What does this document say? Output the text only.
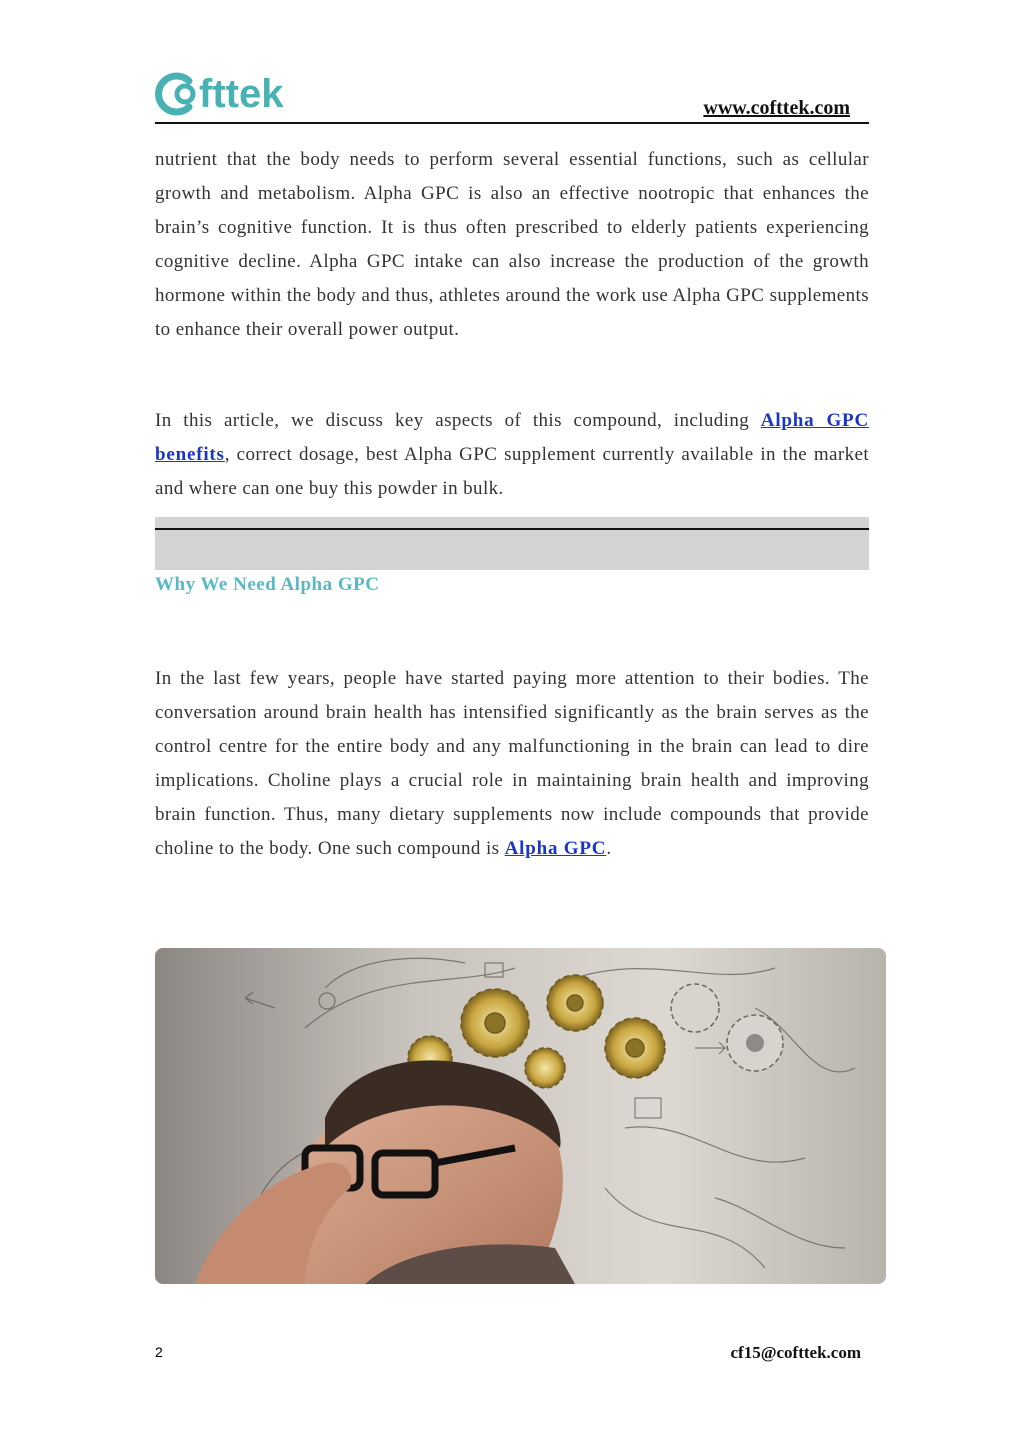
fttek	www.cofttek.com

nutrient that the body needs to perform several essential functions, such as cellular growth and metabolism. Alpha GPC is also an effective nootropic that enhances the brain’s cognitive function. It is thus often prescribed to elderly patients experiencing cognitive decline. Alpha GPC intake can also increase the production of the growth hormone within the body and thus, athletes around the work use Alpha GPC supplements to enhance their overall power output.

In this article, we discuss key aspects of this compound, including Alpha GPC benefits, correct dosage, best Alpha GPC supplement currently available in the market and where can one buy this powder in bulk.

Why We Need Alpha GPC

In the last few years, people have started paying more attention to their bodies. The conversation around brain health has intensified significantly as the brain serves as the control centre for the entire body and any malfunctioning in the brain can lead to dire implications. Choline plays a crucial role in maintaining brain health and improving brain function. Thus, many dietary supplements now include compounds that provide choline to the body. One such compound is Alpha GPC.

2	cf15@cofttek.com
